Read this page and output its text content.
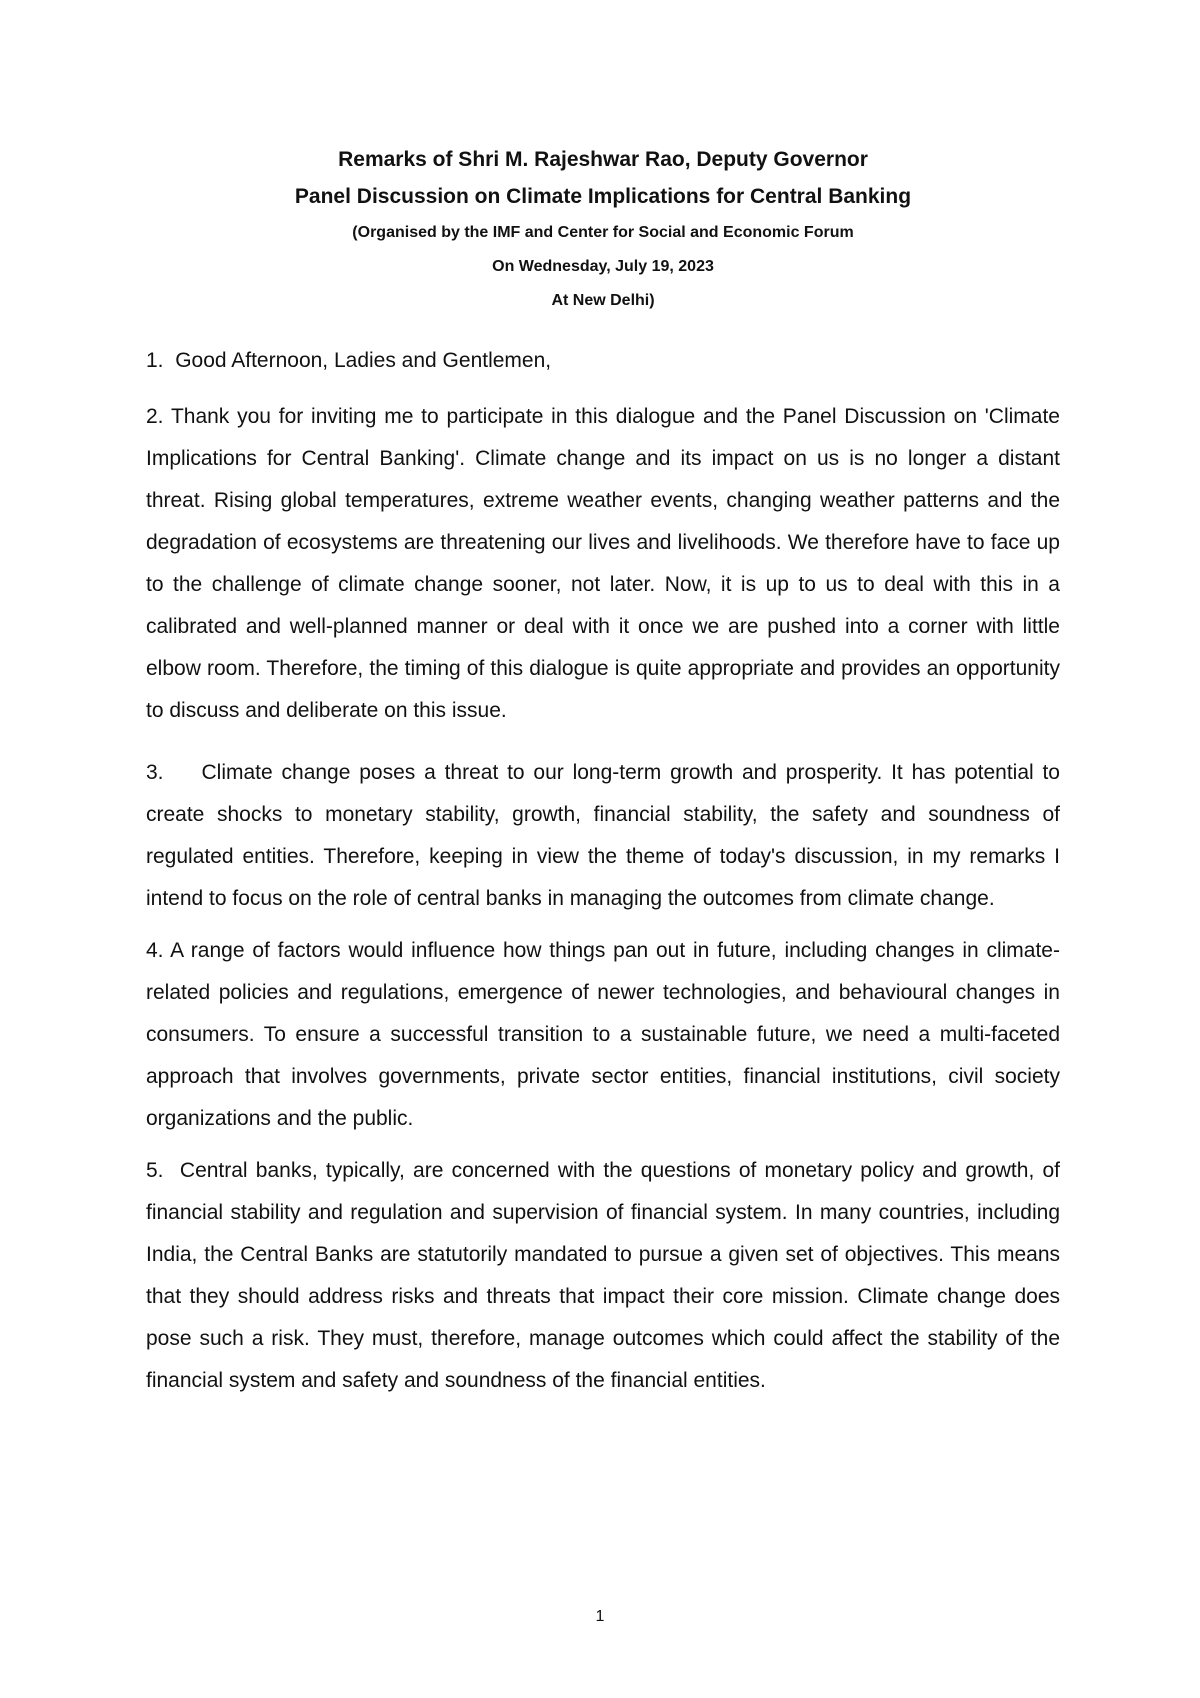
Remarks of Shri M. Rajeshwar Rao, Deputy Governor

Panel Discussion on Climate Implications for Central Banking

(Organised by the IMF and Center for Social and Economic Forum

On Wednesday, July 19, 2023

At New Delhi)

1. Good Afternoon, Ladies and Gentlemen,

2. Thank you for inviting me to participate in this dialogue and the Panel Discussion on 'Climate Implications for Central Banking'. Climate change and its impact on us is no longer a distant threat. Rising global temperatures, extreme weather events, changing weather patterns and the degradation of ecosystems are threatening our lives and livelihoods. We therefore have to face up to the challenge of climate change sooner, not later. Now, it is up to us to deal with this in a calibrated and well-planned manner or deal with it once we are pushed into a corner with little elbow room. Therefore, the timing of this dialogue is quite appropriate and provides an opportunity to discuss and deliberate on this issue.

3. Climate change poses a threat to our long-term growth and prosperity. It has potential to create shocks to monetary stability, growth, financial stability, the safety and soundness of regulated entities. Therefore, keeping in view the theme of today's discussion, in my remarks I intend to focus on the role of central banks in managing the outcomes from climate change.

4. A range of factors would influence how things pan out in future, including changes in climate-related policies and regulations, emergence of newer technologies, and behavioural changes in consumers. To ensure a successful transition to a sustainable future, we need a multi-faceted approach that involves governments, private sector entities, financial institutions, civil society organizations and the public.

5. Central banks, typically, are concerned with the questions of monetary policy and growth, of financial stability and regulation and supervision of financial system. In many countries, including India, the Central Banks are statutorily mandated to pursue a given set of objectives. This means that they should address risks and threats that impact their core mission. Climate change does pose such a risk. They must, therefore, manage outcomes which could affect the stability of the financial system and safety and soundness of the financial entities.

1
